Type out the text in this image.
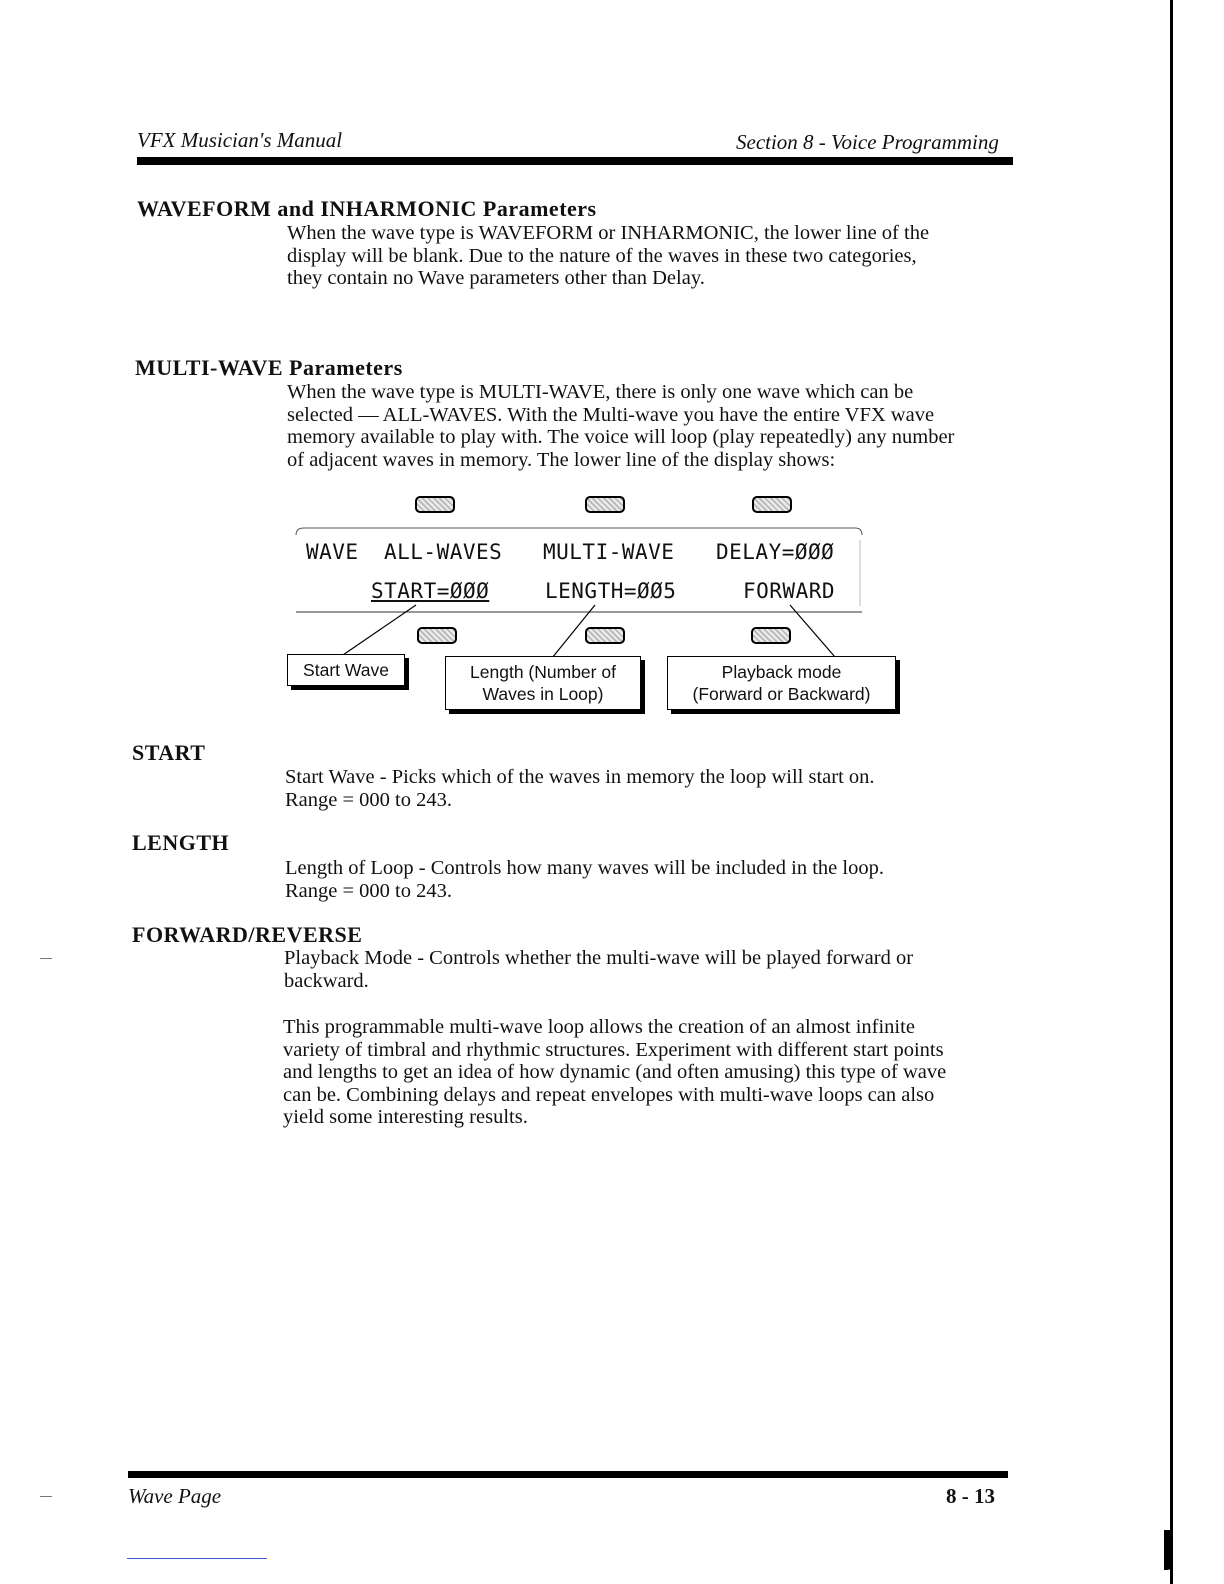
VFX Musician's Manual	Section 8 - Voice Programming
WAVEFORM and INHARMONIC Parameters
When the wave type is WAVEFORM or INHARMONIC, the lower line of the
display will be blank. Due to the nature of the waves in these two categories,
they contain no Wave parameters other than Delay.
MULTI-WAVE Parameters
When the wave type is MULTI-WAVE, there is only one wave which can be
selected — ALL-WAVES. With the Multi-wave you have the entire VFX wave
memory available to play with. The voice will loop (play repeatedly) any number
of adjacent waves in memory. The lower line of the display shows:
WAVE ALL-WAVES MULTI-WAVE DELAY=ØØØ
START=ØØØ	LENGTH=ØØ5	FORWARD
Start Wave	Length (Number of
Waves in Loop)
Playback mode
(Forward or Backward)
START
Start Wave - Picks which of the waves in memory the loop will start on.
Range = 000 to 243.
LENGTH
Length of Loop - Controls how many waves will be included in the loop.
Range = 000 to 243.
FORWARD/REVERSE
Playback Mode - Controls whether the multi-wave will be played forward or
backward.
This programmable multi-wave loop allows the creation of an almost infinite
variety of timbral and rhythmic structures. Experiment with different start points
and lengths to get an idea of how dynamic (and often amusing) this type of wave
can be. Combining delays and repeat envelopes with multi-wave loops can also
yield some interesting results.
Wave Page	8 - 13
